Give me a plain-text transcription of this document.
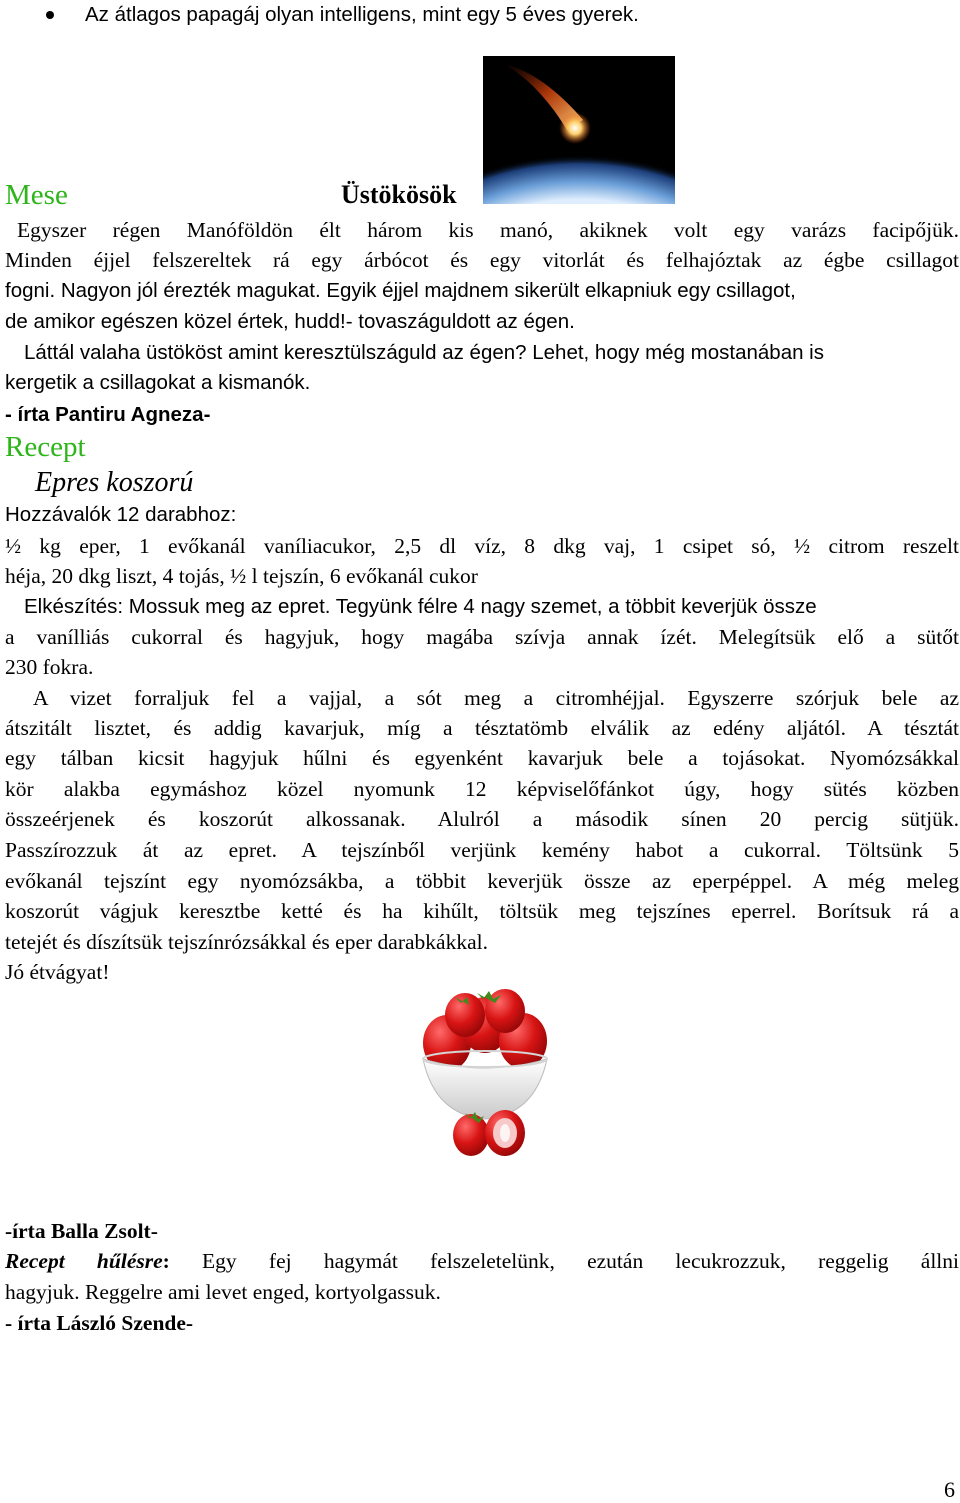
Az átlagos papagáj olyan intelligens, mint egy 5 éves gyerek.
Mese	Üstökösök
Egyszer régen Manóföldön élt három kis manó, akiknek volt egy varázs facipőjük.
Minden éjjel felszereltek rá egy árbócot és egy vitorlát és felhajóztak az égbe csillagot
fogni. Nagyon jól érezték magukat. Egyik éjjel majdnem sikerült elkapniuk egy csillagot,
de amikor egészen közel értek, hudd!- tovaszáguldott az égen.
Láttál valaha üstököst amint keresztülszáguld az égen? Lehet, hogy még mostanában is
kergetik a csillagokat a kismanók.
- írta Pantiru Agneza-
Recept
Epres koszorú
Hozzávalók 12 darabhoz:
½ kg eper, 1 evőkanál vaníliacukor, 2,5 dl víz, 8 dkg vaj, 1 csipet só, ½ citrom reszelt
héja, 20 dkg liszt, 4 tojás, ½ l tejszín, 6 evőkanál cukor
Elkészítés: Mossuk meg az epret. Tegyünk félre 4 nagy szemet, a többit keverjük össze
a vanílliás cukorral és hagyjuk, hogy magába szívja annak ízét. Melegítsük elő a sütőt
230 fokra.
A vizet forraljuk fel a vajjal, a sót meg a citromhéjjal. Egyszerre szórjuk bele az
átszitált lisztet, és addig kavarjuk, míg a tésztatömb elválik az edény aljától. A tésztát
egy tálban kicsit hagyjuk hűlni és egyenként kavarjuk bele a tojásokat. Nyomózsákkal
kör alakba egymáshoz közel nyomunk 12 képviselőfánkot úgy, hogy sütés közben
összeérjenek és koszorút alkossanak. Alulról a második sínen 20 percig sütjük.
Passzírozzuk át az epret. A tejszínből verjünk kemény habot a cukorral. Töltsünk 5
evőkanál tejszínt egy nyomózsákba, a többit keverjük össze az eperpéppel. A még meleg
koszorút vágjuk keresztbe ketté és ha kihűlt, töltsük meg tejszínes eperrel. Borítsuk rá a
tetejét és díszítsük tejszínrózsákkal és eper darabkákkal.
Jó étvágyat!
-írta Balla Zsolt-
Recept hűlésre: Egy fej hagymát felszeletelünk, ezután lecukrozzuk, reggelig állni
hagyjuk. Reggelre ami levet enged, kortyolgassuk.
- írta László Szende-
6
